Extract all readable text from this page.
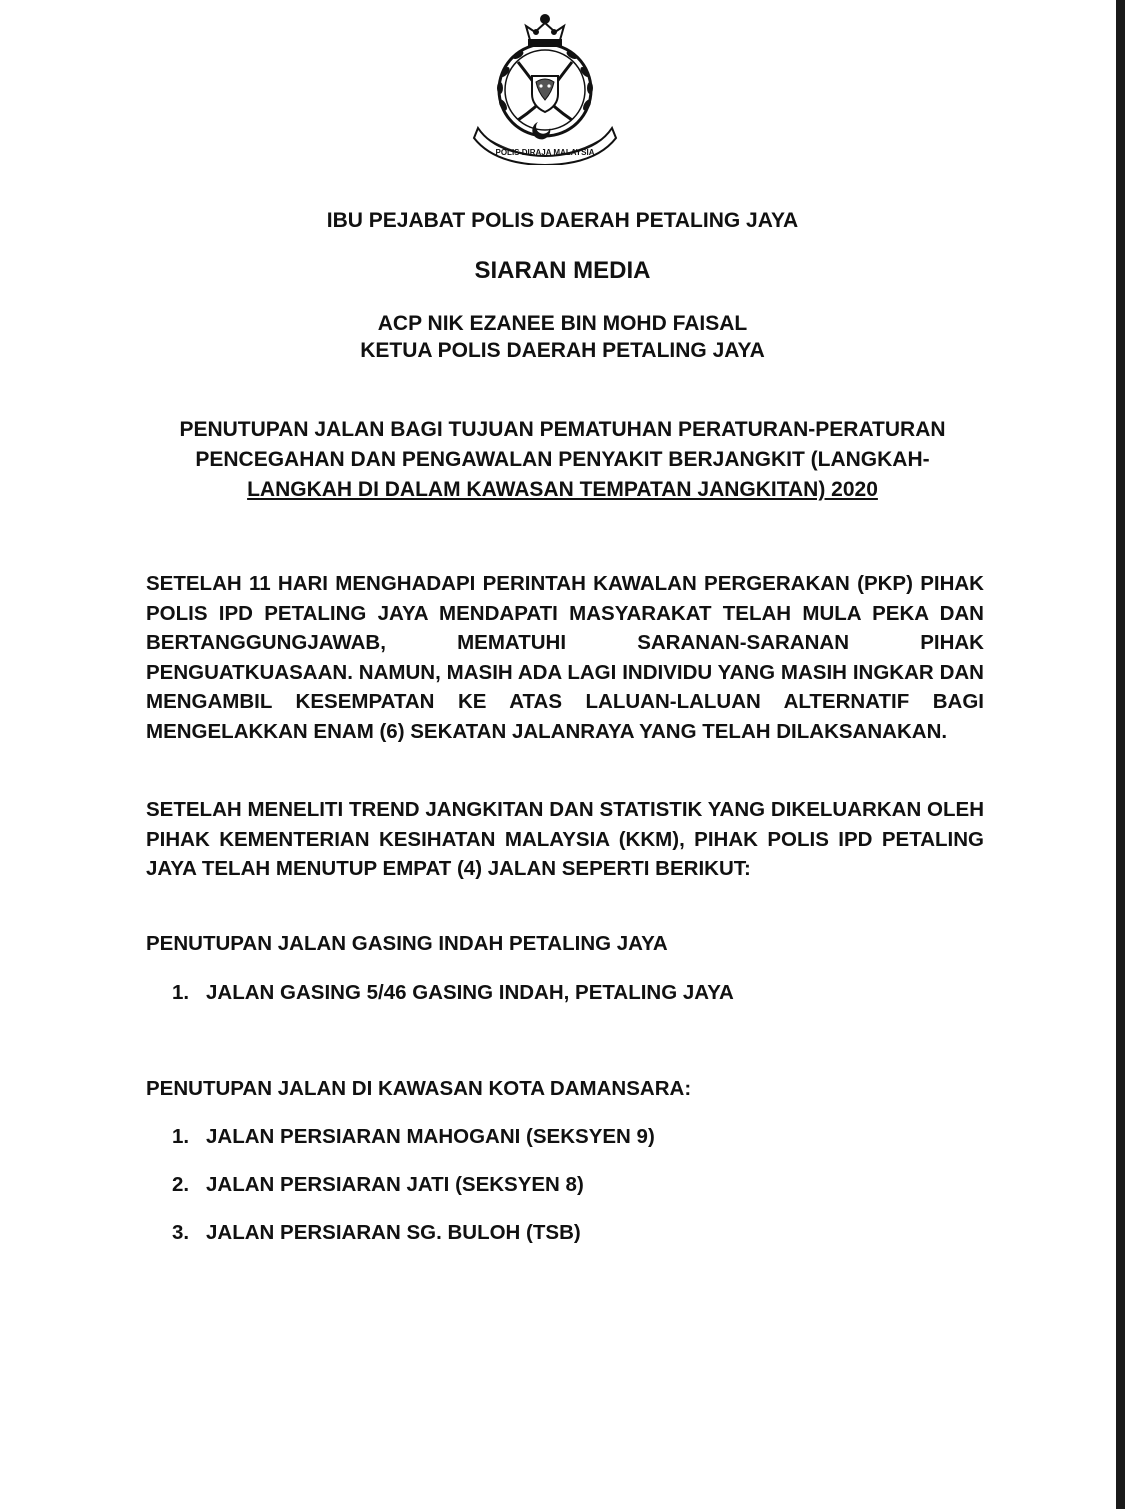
POLIS DIRAJA MALAYSIA
IBU PEJABAT POLIS DAERAH PETALING JAYA
SIARAN MEDIA
ACP NIK EZANEE BIN MOHD FAISAL
KETUA POLIS DAERAH PETALING JAYA
PENUTUPAN JALAN BAGI TUJUAN PEMATUHAN PERATURAN-PERATURAN
PENCEGAHAN DAN PENGAWALAN PENYAKIT BERJANGKIT (LANGKAH-
LANGKAH DI DALAM KAWASAN TEMPATAN JANGKITAN) 2020

SETELAH 11 HARI MENGHADAPI PERINTAH KAWALAN PERGERAKAN (PKP) PIHAK POLIS IPD PETALING JAYA MENDAPATI MASYARAKAT TELAH MULA PEKA DAN BERTANGGUNGJAWAB, MEMATUHI SARANAN-SARANAN PIHAK PENGUATKUASAAN. NAMUN, MASIH ADA LAGI INDIVIDU YANG MASIH INGKAR DAN MENGAMBIL KESEMPATAN KE ATAS LALUAN-LALUAN ALTERNATIF BAGI MENGELAKKAN ENAM (6) SEKATAN JALANRAYA YANG TELAH DILAKSANAKAN.

SETELAH MENELITI TREND JANGKITAN DAN STATISTIK YANG DIKELUARKAN OLEH PIHAK KEMENTERIAN KESIHATAN MALAYSIA (KKM), PIHAK POLIS IPD PETALING JAYA TELAH MENUTUP EMPAT (4) JALAN SEPERTI BERIKUT:

PENUTUPAN JALAN GASING INDAH PETALING JAYA
1. JALAN GASING 5/46 GASING INDAH, PETALING JAYA
PENUTUPAN JALAN DI KAWASAN KOTA DAMANSARA:
1. JALAN PERSIARAN MAHOGANI (SEKSYEN 9)
2. JALAN PERSIARAN JATI (SEKSYEN 8)
3. JALAN PERSIARAN SG. BULOH (TSB)
